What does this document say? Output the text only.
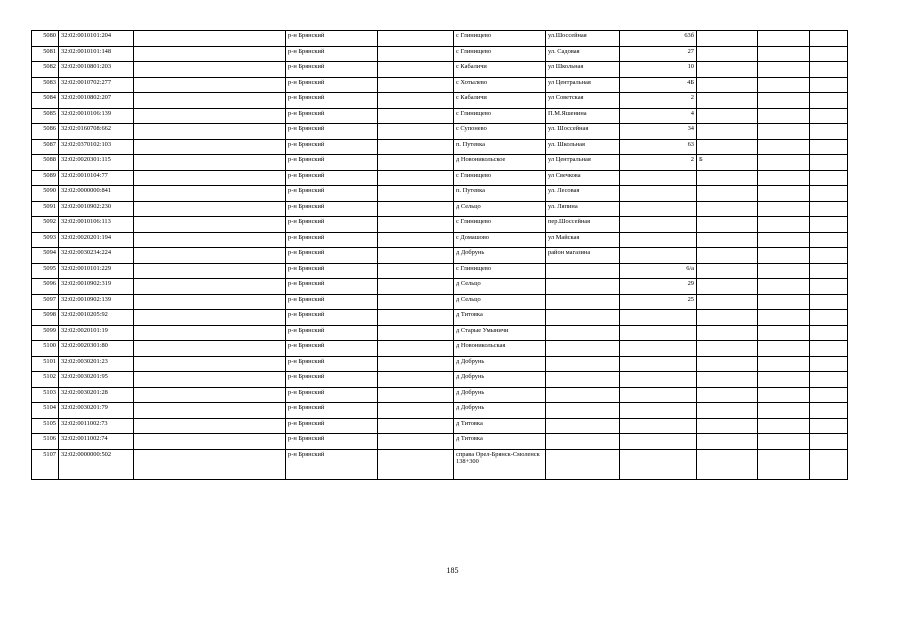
5080	32:02:0010101:204		р-н Брянский		с Глинищево	ул.Шоссейная	63б			
5081	32:02:0010101:148		р-н Брянский		с Глинищево	ул. Садовая	27			
5082	32:02:0010801:203		р-н Брянский		с Кабаличи	ул Школьная	10			
5083	32:02:0010702:277		р-н Брянский		с Хотылево	ул Центральная	4Б			
5084	32:02:0010802:207		р-н Брянский		с Кабаличи	ул Советская	2			
5085	32:02:0010106:139		р-н Брянский		с Глинищево	П.М.Яшенина	4			
5086	32:02:0160708:662		р-н Брянский		с Супонево	ул. Шоссейная	34			
5087	32:02:0370102:103		р-н Брянский		п. Путевка	ул. Школьная	63			
5088	32:02:0020301:115		р-н Брянский		д Новоникольское	ул Центральная	2	Б		
5089	32:02:0010104:77		р-н Брянский		с Глинищево	ул Свечкова				
5090	32:02:0000000:841		р-н Брянский		п. Путевка	ул. Лесовая				
5091	32:02:0010902:230		р-н Брянский		д Сельцо	ул. Ляпина				
5092	32:02:0010106:113		р-н Брянский		с Глинищево	пер.Шоссейная				
5093	32:02:0020201:194		р-н Брянский		с Домашово	ул Майская				
5094	32:02:0030234:224		р-н Брянский		д Добрунь	район магазина				
5095	32:02:0010101:229		р-н Брянский		с Глинищево		6/а			
5096	32:02:0010902:319		р-н Брянский		д Сельцо		29			
5097	32:02:0010902:139		р-н Брянский		д Сельцо		25			
5098	32:02:0010205:92		р-н Брянский		д Титовка					
5099	32:02:0020101:19		р-н Брянский		д Старые Умыничи					
5100	32:02:0020301:80		р-н Брянский		д Новоникольская					
5101	32:02:0030201:23		р-н Брянский		д Добрунь					
5102	32:02:0030201:95		р-н Брянский		д Добрунь					
5103	32:02:0030201:28		р-н Брянский		д Добрунь					
5104	32:02:0030201:79		р-н Брянский		д Добрунь					
5105	32:02:0011002:73		р-н Брянский		д Титовка					
5106	32:02:0011002:74		р-н Брянский		д Титовка					
5107	32:02:0000000:502		р-н Брянский		справа Орел-Брянск-Смоленск 138+300					
185
